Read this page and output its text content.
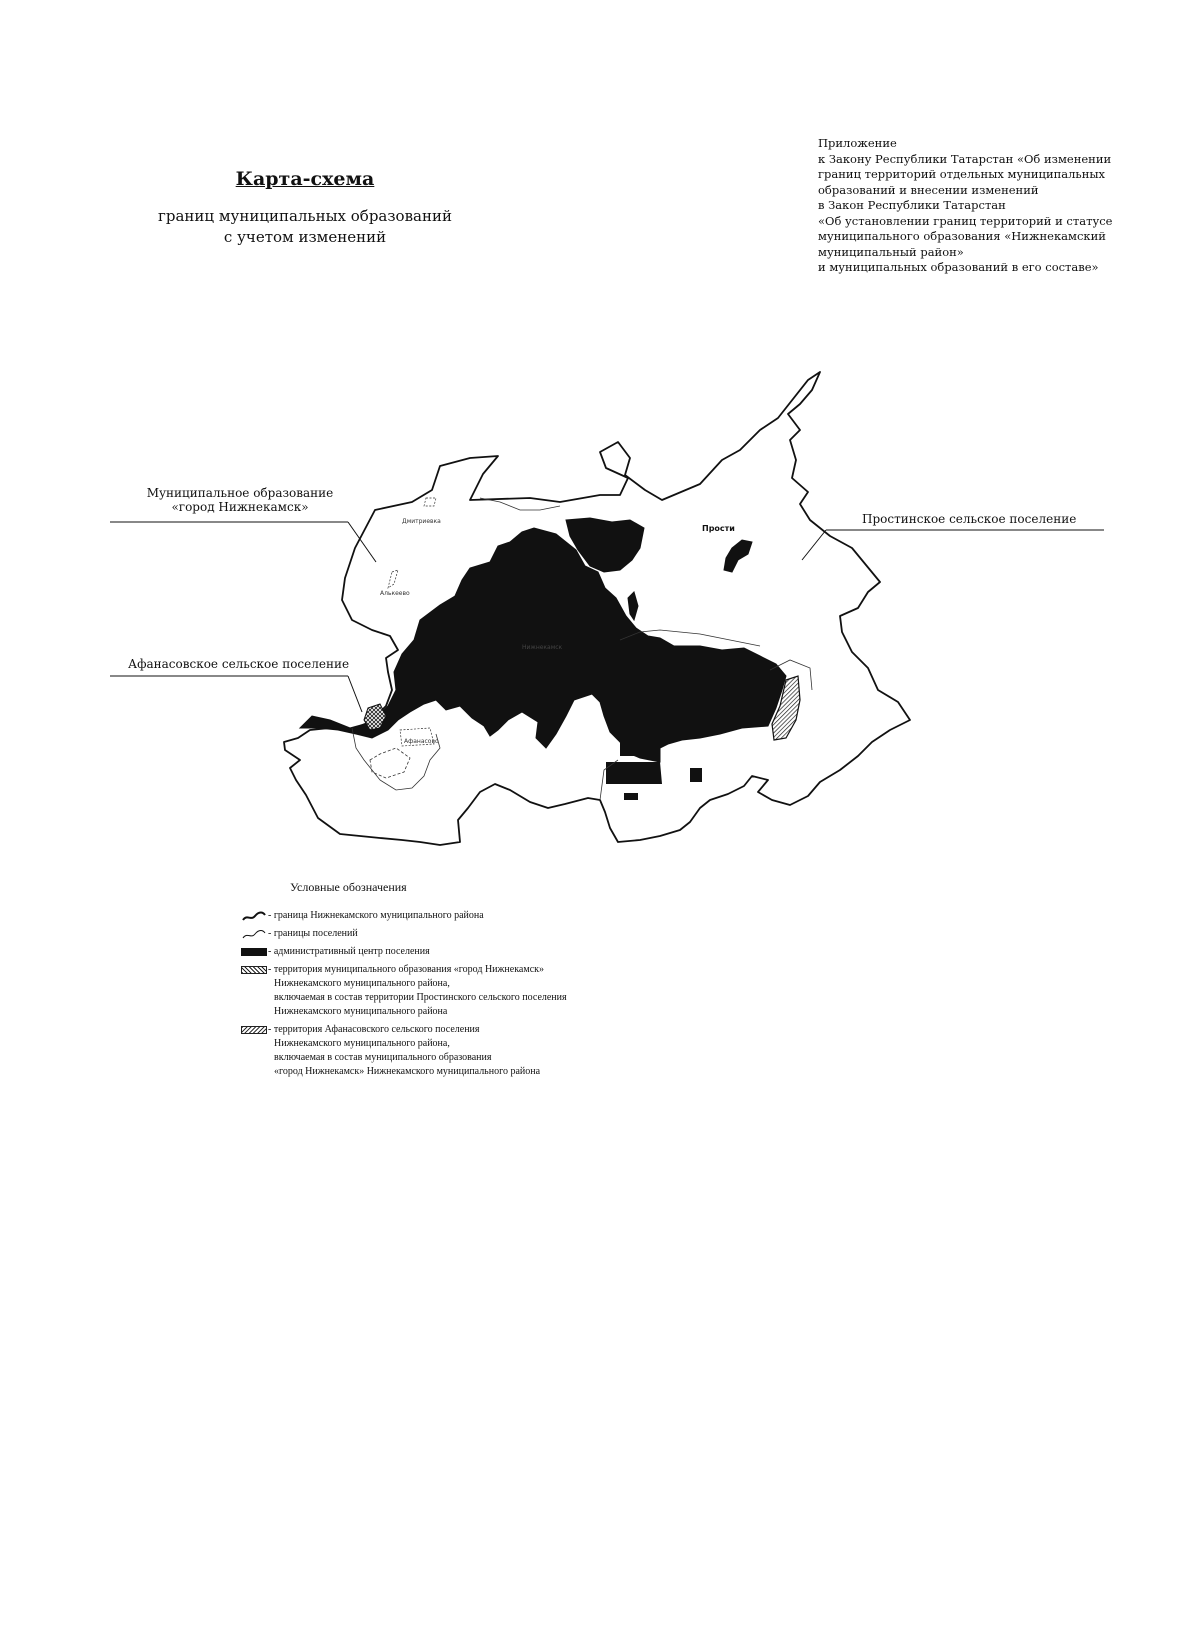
Карта-схема
границ муниципальных образований
с учетом изменений
Приложение
к Закону Республики Татарстан «Об изменении
границ территорий отдельных муниципальных
образований и внесении изменений
в Закон Республики Татарстан
«Об установлении границ территорий и статусе
муниципального образования «Нижнекамский
муниципальный район»
и муниципальных образований в его составе»
Муниципальное образование
«город Нижнекамск»
Афанасовское сельское поселение
Простинское сельское поселение
Прости
Дмитриевка
Алькеево
Нижнекамск
Афанасово
Условные обозначения
- граница Нижнекамского муниципального района
- границы поселений
- административный центр поселения
- территория муниципального образования «город Нижнекамск»
Нижнекамского муниципального района,
включаемая в состав территории Простинского сельского поселения
Нижнекамского муниципального района
- территория Афанасовского сельского поселения
Нижнекамского муниципального района,
включаемая в состав муниципального образования
«город Нижнекамск» Нижнекамского муниципального района
